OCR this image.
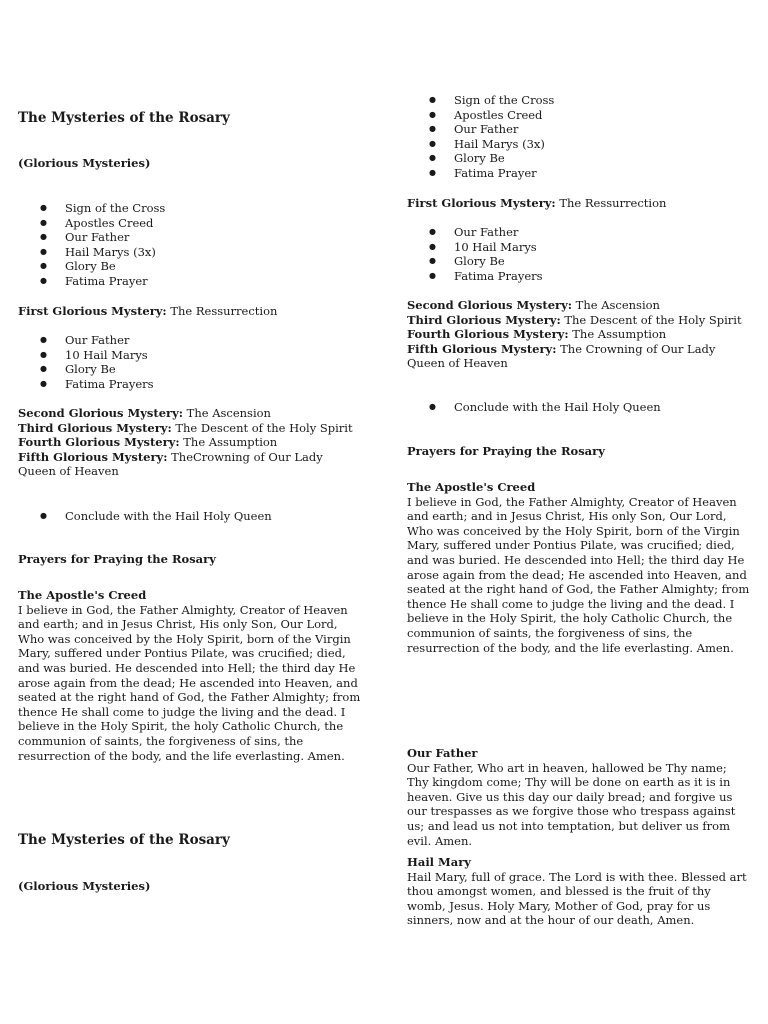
The Mysteries of the Rosary

(Glorious Mysteries)

● Sign of the Cross
● Apostles Creed
● Our Father
● Hail Marys (3x)
● Glory Be
● Fatima Prayer

First Glorious Mystery: The Ressurrection

● Our Father
● 10 Hail Marys
● Glory Be
● Fatima Prayers

Second Glorious Mystery: The Ascension

Third Glorious Mystery: The Descent of the Holy Spirit

Fourth Glorious Mystery: The Assumption

Fifth Glorious Mystery: TheCrowning of Our Lady Queen of Heaven

● Conclude with the Hail Holy Queen

Prayers for Praying the Rosary

The Apostle's Creed

I believe in God, the Father Almighty, Creator of Heaven and earth; and in Jesus Christ, His only Son, Our Lord, Who was conceived by the Holy Spirit, born of the Virgin Mary, suffered under Pontius Pilate, was crucified; died, and was buried. He descended into Hell; the third day He arose again from the dead; He ascended into Heaven, and seated at the right hand of God, the Father Almighty; from thence He shall come to judge the living and the dead. I believe in the Holy Spirit, the holy Catholic Church, the communion of saints, the forgiveness of sins, the resurrection of the body, and the life everlasting. Amen.

The Mysteries of the Rosary

(Glorious Mysteries)

● Sign of the Cross
● Apostles Creed
● Our Father
● Hail Marys (3x)
● Glory Be
● Fatima Prayer

First Glorious Mystery: The Ressurrection

● Our Father
● 10 Hail Marys
● Glory Be
● Fatima Prayers

Second Glorious Mystery: The Ascension

Third Glorious Mystery: The Descent of the Holy Spirit

Fourth Glorious Mystery: The Assumption

Fifth Glorious Mystery: The Crowning of Our Lady Queen of Heaven

● Conclude with the Hail Holy Queen

Prayers for Praying the Rosary

The Apostle's Creed

I believe in God, the Father Almighty, Creator of Heaven and earth; and in Jesus Christ, His only Son, Our Lord, Who was conceived by the Holy Spirit, born of the Virgin Mary, suffered under Pontius Pilate, was crucified; died, and was buried. He descended into Hell; the third day He arose again from the dead; He ascended into Heaven, and seated at the right hand of God, the Father Almighty; from thence He shall come to judge the living and the dead. I believe in the Holy Spirit, the holy Catholic Church, the communion of saints, the forgiveness of sins, the resurrection of the body, and the life everlasting. Amen.

Our Father

Our Father, Who art in heaven, hallowed be Thy name; Thy kingdom come; Thy will be done on earth as it is in heaven. Give us this day our daily bread; and forgive us our trespasses as we forgive those who trespass against us; and lead us not into temptation, but deliver us from evil. Amen.

Hail Mary

Hail Mary, full of grace. The Lord is with thee. Blessed art thou amongst women, and blessed is the fruit of thy womb, Jesus. Holy Mary, Mother of God, pray for us sinners, now and at the hour of our death, Amen.
